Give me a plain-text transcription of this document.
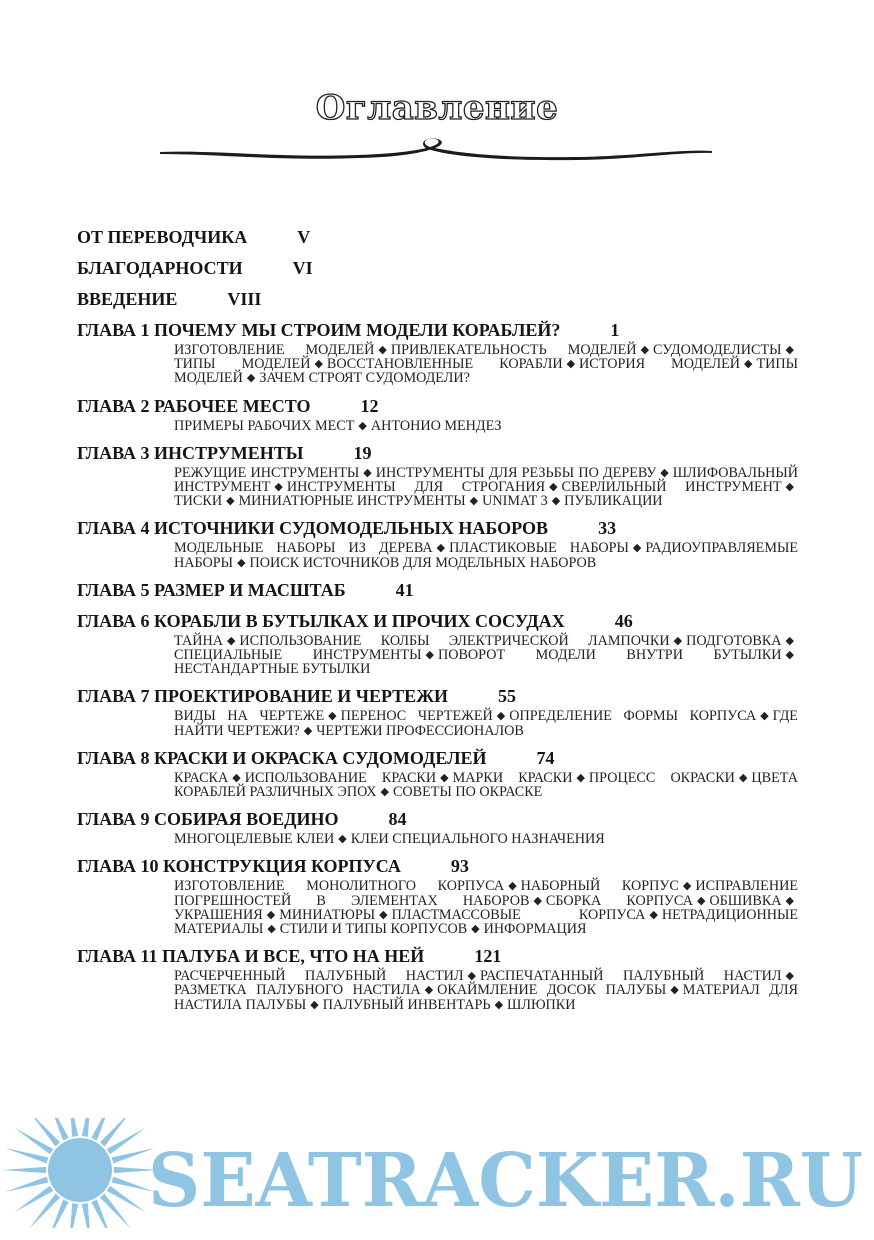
Оглавление
ОТ ПЕРЕВОДЧИКА	V
БЛАГОДАРНОСТИ	VI
ВВЕДЕНИЕ	VIII
ГЛАВА 1 ПОЧЕМУ МЫ СТРОИМ МОДЕЛИ КОРАБЛЕЙ?	1
ИЗГОТОВЛЕНИЕ МОДЕЛЕЙ ◆ ПРИВЛЕКАТЕЛЬНОСТЬ МОДЕЛЕЙ ◆ СУДОМОДЕЛИСТЫ ◆ТИПЫ МОДЕЛЕЙ ◆ ВОССТАНОВЛЕННЫЕ КОРАБЛИ ◆ ИСТОРИЯ МОДЕЛЕЙ ◆ ТИПЫ МОДЕЛЕЙ ◆ ЗАЧЕМ СТРОЯТ СУДОМОДЕЛИ?
ГЛАВА 2 РАБОЧЕЕ МЕСТО	12
ПРИМЕРЫ РАБОЧИХ МЕСТ ◆ АНТОНИО МЕНДЕЗ
ГЛАВА 3 ИНСТРУМЕНТЫ	19
РЕЖУЩИЕ ИНСТРУМЕНТЫ ◆ ИНСТРУМЕНТЫ ДЛЯ РЕЗЬБЫ ПО ДЕРЕВУ ◆ ШЛИФОВАЛЬНЫЙ ИНСТРУМЕНТ ◆ ИНСТРУМЕНТЫ ДЛЯ СТРОГАНИЯ ◆ СВЕРЛИЛЬНЫЙ ИНСТРУМЕНТ ◆ТИСКИ ◆ МИНИАТЮРНЫЕ ИНСТРУМЕНТЫ ◆ UNIMAT 3 ◆ ПУБЛИКАЦИИ
ГЛАВА 4 ИСТОЧНИКИ СУДОМОДЕЛЬНЫХ НАБОРОВ	33
МОДЕЛЬНЫЕ НАБОРЫ ИЗ ДЕРЕВА ◆ ПЛАСТИКОВЫЕ НАБОРЫ ◆ РАДИОУПРАВЛЯЕМЫЕ НАБОРЫ ◆ ПОИСК ИСТОЧНИКОВ ДЛЯ МОДЕЛЬНЫХ НАБОРОВ
ГЛАВА 5 РАЗМЕР И МАСШТАБ	41
ГЛАВА 6 КОРАБЛИ В БУТЫЛКАХ И ПРОЧИХ СОСУДАХ	46
ТАЙНА ◆ ИСПОЛЬЗОВАНИЕ КОЛБЫ ЭЛЕКТРИЧЕСКОЙ ЛАМПОЧКИ ◆ ПОДГОТОВКА ◆СПЕЦИАЛЬНЫЕ ИНСТРУМЕНТЫ ◆ ПОВОРОТ МОДЕЛИ ВНУТРИ БУТЫЛКИ ◆НЕСТАНДАРТНЫЕ БУТЫЛКИ
ГЛАВА 7 ПРОЕКТИРОВАНИЕ И ЧЕРТЕЖИ	55
ВИДЫ НА ЧЕРТЕЖЕ ◆ ПЕРЕНОС ЧЕРТЕЖЕЙ ◆ ОПРЕДЕЛЕНИЕ ФОРМЫ КОРПУСА ◆ ГДЕ НАЙТИ ЧЕРТЕЖИ? ◆ ЧЕРТЕЖИ ПРОФЕССИОНАЛОВ
ГЛАВА 8 КРАСКИ И ОКРАСКА СУДОМОДЕЛЕЙ	74
КРАСКА ◆ ИСПОЛЬЗОВАНИЕ КРАСКИ ◆ МАРКИ КРАСКИ ◆ ПРОЦЕСС ОКРАСКИ ◆ ЦВЕТА КОРАБЛЕЙ РАЗЛИЧНЫХ ЭПОХ ◆ СОВЕТЫ ПО ОКРАСКЕ
ГЛАВА 9 СОБИРАЯ ВОЕДИНО	84
МНОГОЦЕЛЕВЫЕ КЛЕИ ◆ КЛЕИ СПЕЦИАЛЬНОГО НАЗНАЧЕНИЯ
ГЛАВА 10 КОНСТРУКЦИЯ КОРПУСА	93
ИЗГОТОВЛЕНИЕ МОНОЛИТНОГО КОРПУСА ◆ НАБОРНЫЙ КОРПУС ◆ ИСПРАВЛЕНИЕ ПОГРЕШНОСТЕЙ В ЭЛЕМЕНТАХ НАБОРОВ ◆ СБОРКА КОРПУСА ◆ ОБШИВКА ◆УКРАШЕНИЯ ◆ МИНИАТЮРЫ ◆ ПЛАСТМАССОВЫЕ КОРПУСА ◆ НЕТРАДИЦИОННЫЕ МАТЕРИАЛЫ ◆ СТИЛИ И ТИПЫ КОРПУСОВ ◆ ИНФОРМАЦИЯ
ГЛАВА 11 ПАЛУБА И ВСЕ, ЧТО НА НЕЙ	121
РАСЧЕРЧЕННЫЙ ПАЛУБНЫЙ НАСТИЛ ◆ РАСПЕЧАТАННЫЙ ПАЛУБНЫЙ НАСТИЛ ◆РАЗМЕТКА ПАЛУБНОГО НАСТИЛА ◆ ОКАЙМЛЕНИЕ ДОСОК ПАЛУБЫ ◆ МАТЕРИАЛ ДЛЯ НАСТИЛА ПАЛУБЫ ◆ ПАЛУБНЫЙ ИНВЕНТАРЬ ◆ ШЛЮПКИ
SEATRACKER.RU
